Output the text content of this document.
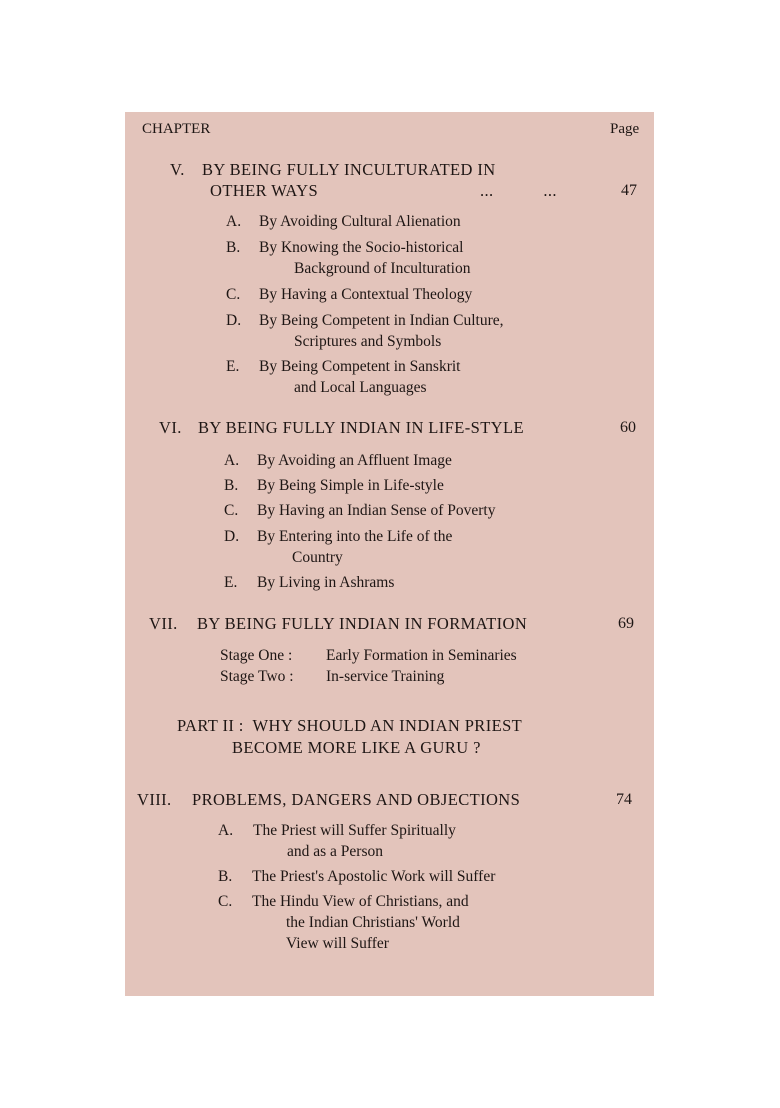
CHAPTER	Page
V. BY BEING FULLY INCULTURATED IN
OTHER WAYS	...           ...	47
A. By Avoiding Cultural Alienation
B. By Knowing the Socio-historical
Background of Inculturation
C. By Having a Contextual Theology
D. By Being Competent in Indian Culture,
Scriptures and Symbols
E. By Being Competent in Sanskrit
and Local Languages
VI. BY BEING FULLY INDIAN IN LIFE-STYLE	60
A. By Avoiding an Affluent Image
B. By Being Simple in Life-style
C. By Having an Indian Sense of Poverty
D. By Entering into the Life of the
Country
E. By Living in Ashrams
VII. BY BEING FULLY INDIAN IN FORMATION	69
Stage One : Early Formation in Seminaries
Stage Two : In-service Training
PART II :  WHY SHOULD AN INDIAN PRIEST
BECOME MORE LIKE A GURU ?
VIII. PROBLEMS, DANGERS AND OBJECTIONS	74
A. The Priest will Suffer Spiritually
and as a Person
B. The Priest's Apostolic Work will Suffer
C. The Hindu View of Christians, and
the Indian Christians' World
View will Suffer
